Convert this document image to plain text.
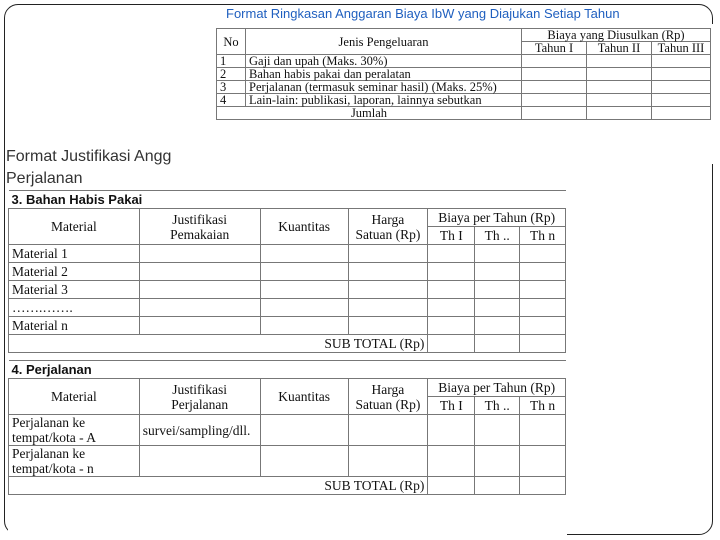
Format Justifikasi Angg
Perjalanan
Format Ringkasan Anggaran Biaya IbW yang Diajukan Setiap Tahun
No	Jenis Pengeluaran	Biaya yang Diusulkan (Rp)		
		Tahun I	Tahun II	Tahun III
1	Gaji dan upah (Maks. 30%)			
2	Bahan habis pakai dan peralatan			
3	Perjalanan (termasuk seminar hasil) (Maks. 25%)			
4	Lain-lain: publikasi, laporan, lainnya sebutkan			
Jumlah				
3. Bahan Habis Pakai						
Material	Justifikasi Pemakaian	Kuantitas	Harga Satuan (Rp)	Biaya per Tahun (Rp)		
				Th I	Th ..	Th n
Material 1						
Material 2						
Material 3						
…….…….						
Material n						
SUB TOTAL (Rp)						

4. Perjalanan						
Material	Justifikasi Perjalanan	Kuantitas	Harga Satuan (Rp)	Biaya per Tahun (Rp)		
				Th I	Th ..	Th n
Perjalanan ke tempat/kota - A	survei/sampling/dll.					
Perjalanan ke tempat/kota - n						
SUB TOTAL (Rp)						
